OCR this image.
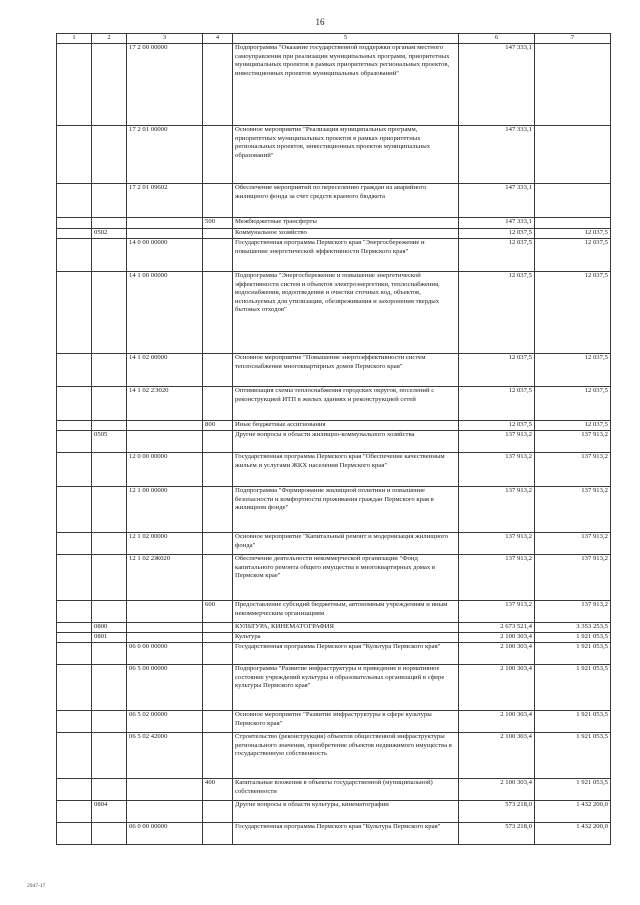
16
1	2	3	4	5	6	7
		17 2 00 00000		Подпрограмма "Оказание государственной поддержки органам местного самоуправления при реализации муниципальных программ, приоритетных муниципальных проектов в рамках приоритетных региональных проектов, инвестиционных проектов муниципальных образований"	147 333,1	
		17 2 01 00000		Основное мероприятие "Реализация муниципальных программ, приоритетных муниципальных проектов в рамках приоритетных региональных проектов, инвестиционных проектов муниципальных образований"	147 333,1	
		17 2 01 09602		Обеспечение мероприятий по переселению граждан из аварийного жилищного фонда за счет средств краевого бюджета	147 333,1	
			500	Межбюджетные трансферты	147 333,1	
	0502			Коммунальное хозяйство	12 037,5	12 037,5
		14 0 00 00000		Государственная программа Пермского края "Энергосбережение и повышение энергетической эффективности Пермского края"	12 037,5	12 037,5
		14 1 00 00000		Подпрограмма "Энергосбережение и повышение энергетической эффективности систем и объектов электроэнергетики, теплоснабжения, водоснабжения, водоотведения и очистки сточных вод, объектов, используемых для утилизации, обезвреживания и захоронения твердых бытовых отходов"	12 037,5	12 037,5
		14 1 02 00000		Основное мероприятие "Повышение энергоэффективности систем теплоснабжения многоквартирных домов Пермского края"	12 037,5	12 037,5
		14 1 02 2Э020		Оптимизация схемы теплоснабжения городских округов, поселений с реконструкцией ИТП в жилых зданиях и реконструкцией сетей	12 037,5	12 037,5
			800	Иные бюджетные ассигнования	12 037,5	12 037,5
	0505			Другие вопросы в области жилищно-коммунального хозяйства	137 913,2	137 913,2
		12 0 00 00000		Государственная программа Пермского края "Обеспечение качественным жильем и услугами ЖКХ населения Пермского края"	137 913,2	137 913,2
		12 1 00 00000		Подпрограмма "Формирование жилищной политики и повышение безопасности и комфортности проживания граждан Пермского края в жилищном фонде"	137 913,2	137 913,2
		12 1 02 00000		Основное мероприятие "Капитальный ремонт и модернизация жилищного фонда"	137 913,2	137 913,2
		12 1 02 2Ж020		Обеспечение деятельности некоммерческой организации "Фонд капитального ремонта общего имущества в многоквартирных домах в Пермском крае"	137 913,2	137 913,2
			600	Предоставление субсидий бюджетным, автономным учреждениям и иным некоммерческим организациям	137 913,2	137 913,2
	0800			КУЛЬТУРА, КИНЕМАТОГРАФИЯ	2 673 521,4	3 353 253,5
	0801			Культура	2 100 303,4	1 921 053,5
		06 0 00 00000		Государственная программа Пермского края "Культура Пермского края"	2 100 303,4	1 921 053,5
		06 5 00 00000		Подпрограмма "Развитие инфраструктуры и приведение в нормативное состояние учреждений культуры и образовательных организаций в сфере культуры Пермского края"	2 100 303,4	1 921 053,5
		06 5 02 00000		Основное мероприятие "Развитие инфраструктуры в сфере культуры Пермского края"	2 100 303,4	1 921 053,5
		06 5 02 42000		Строительство (реконструкция) объектов общественной инфраструктуры регионального значения, приобретение объектов недвижимого имущества в государственную собственность	2 100 303,4	1 921 053,5
			400	Капитальные вложения в объекты государственной (муниципальной) собственности	2 100 303,4	1 921 053,5
	0804			Другие вопросы в области культуры, кинематографии	573 218,0	1 432 200,0
		06 0 00 00000		Государственная программа Пермского края "Культура Пермского края"	573 218,0	1 432 200,0
2947-17
